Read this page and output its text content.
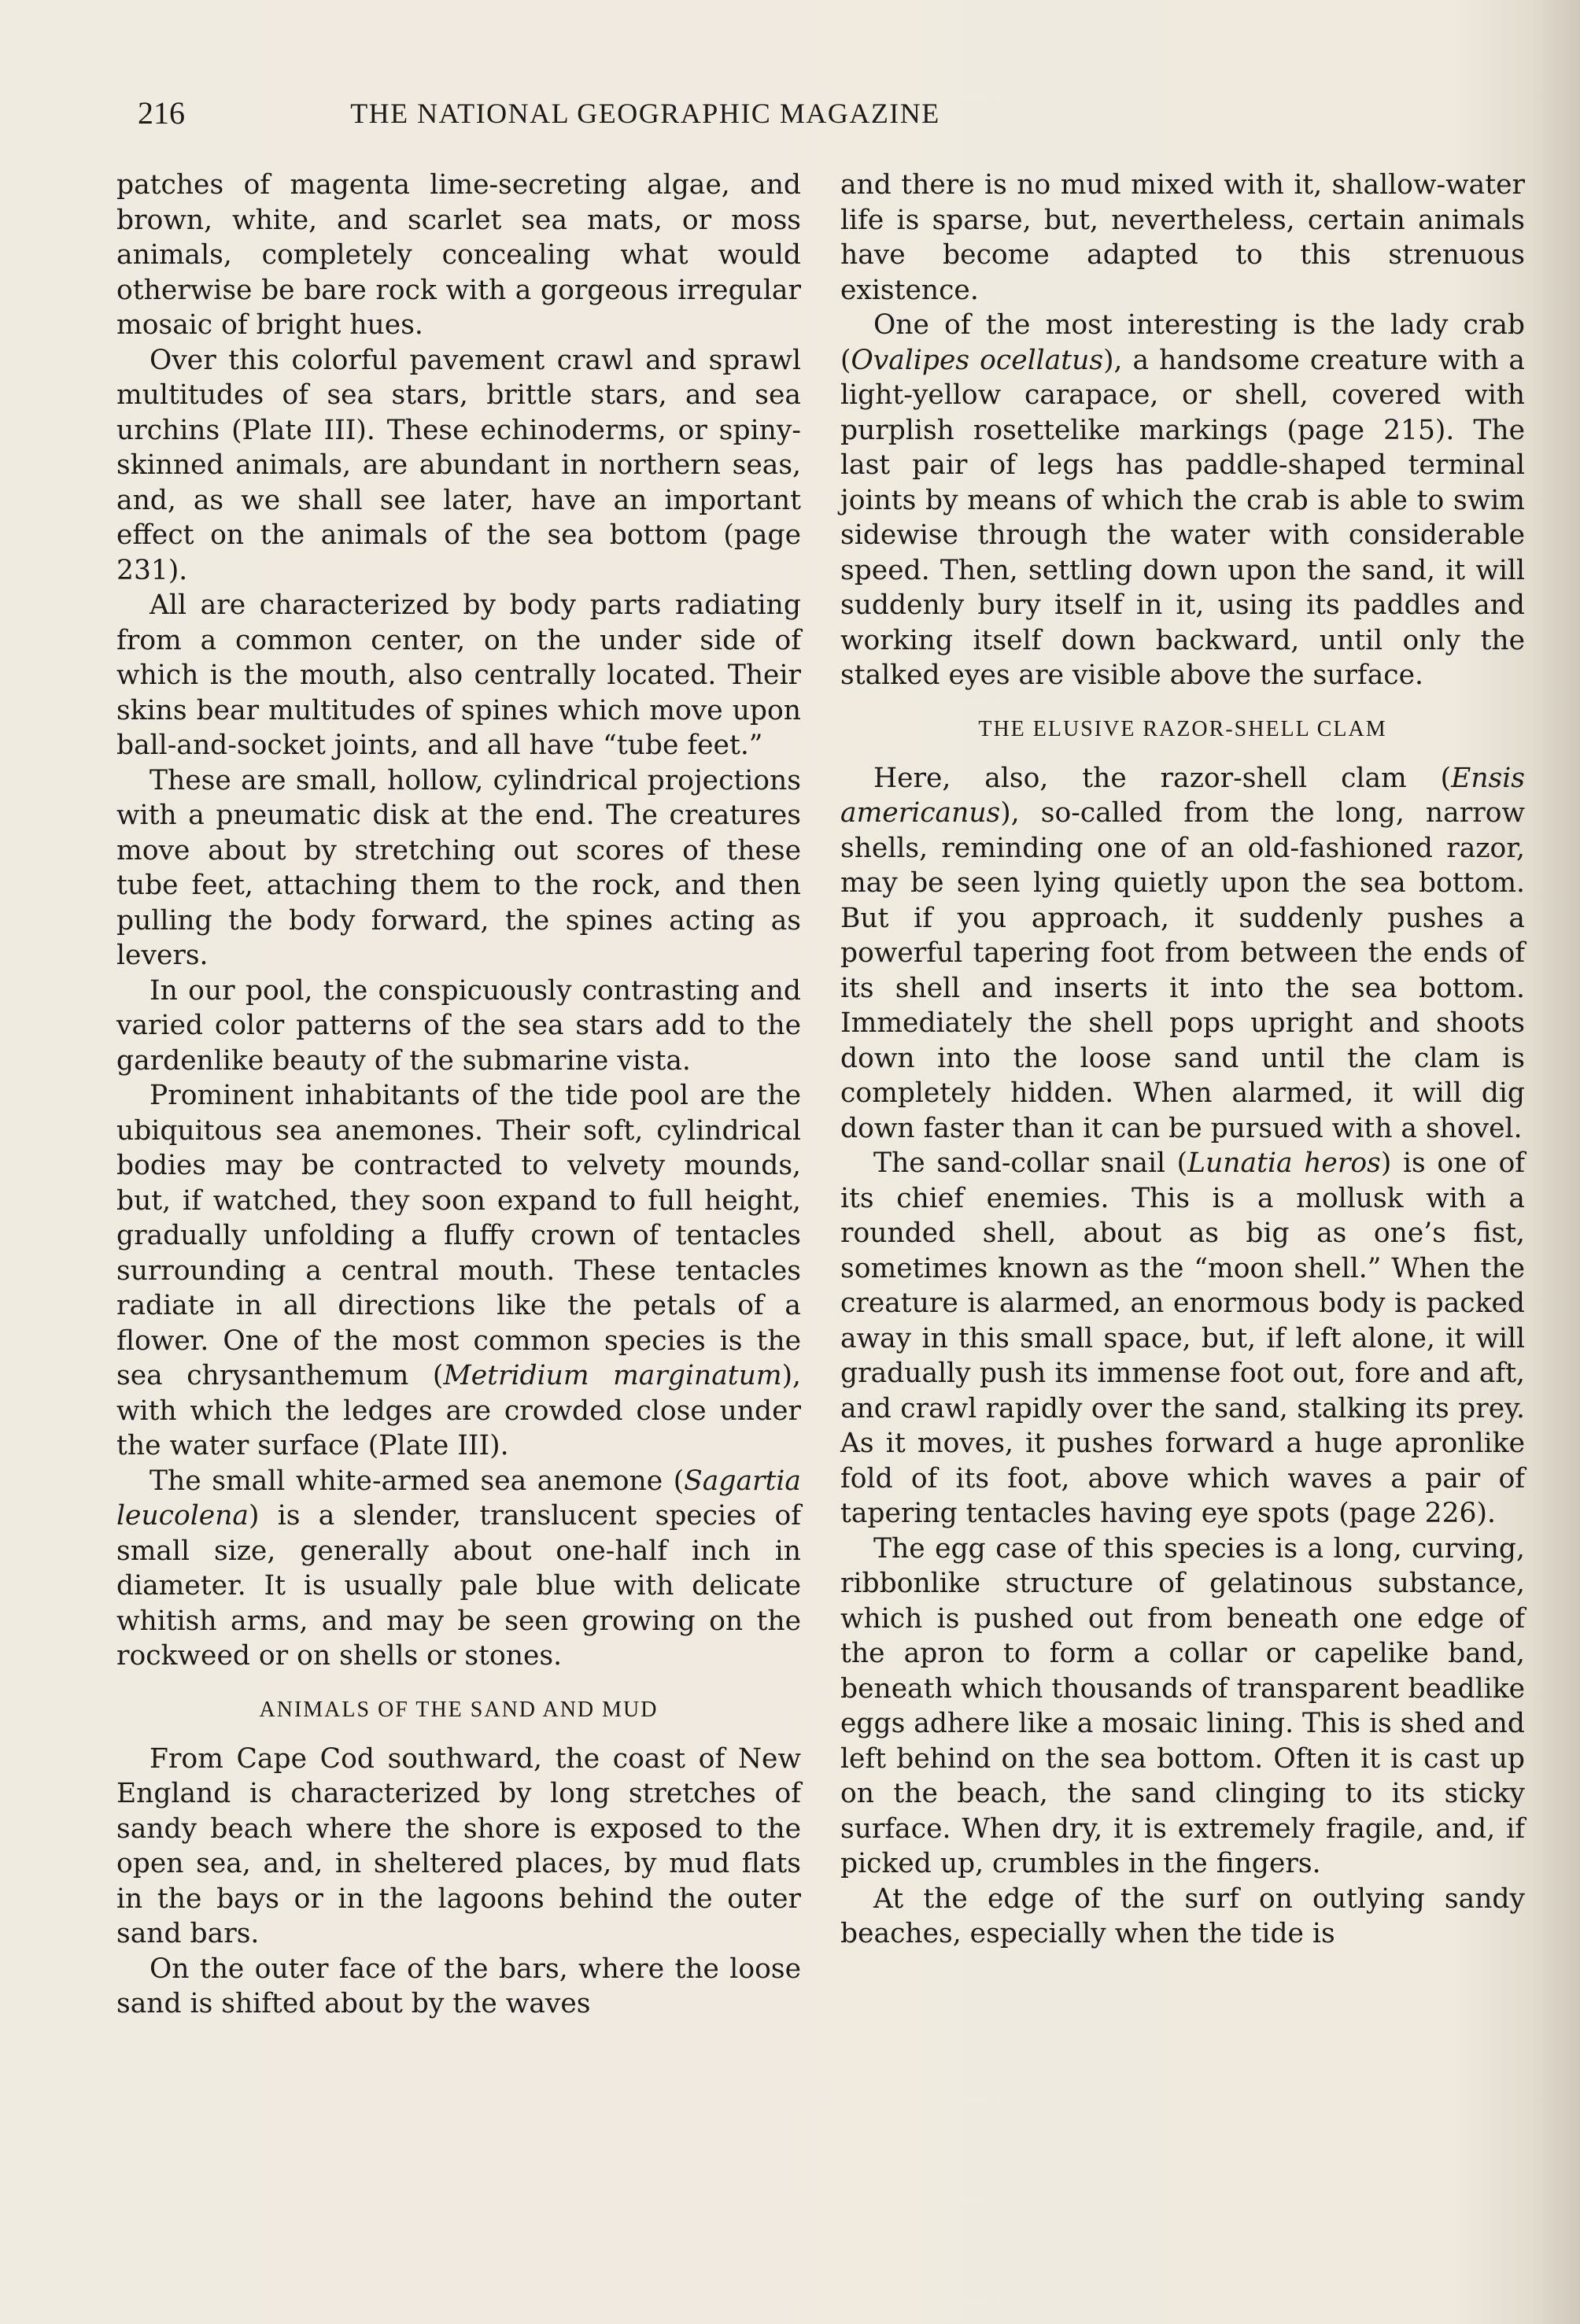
216	THE NATIONAL GEOGRAPHIC MAGAZINE

patches of magenta lime-secreting algae, and brown, white, and scarlet sea mats, or moss animals, completely concealing what would otherwise be bare rock with a gorgeous irregular mosaic of bright hues.

Over this colorful pavement crawl and sprawl multitudes of sea stars, brittle stars, and sea urchins (Plate III). These echinoderms, or spiny-skinned animals, are abundant in northern seas, and, as we shall see later, have an important effect on the animals of the sea bottom (page 231).

All are characterized by body parts radiating from a common center, on the under side of which is the mouth, also centrally located. Their skins bear multitudes of spines which move upon ball-and-socket joints, and all have “tube feet.”

These are small, hollow, cylindrical projections with a pneumatic disk at the end. The creatures move about by stretching out scores of these tube feet, attaching them to the rock, and then pulling the body forward, the spines acting as levers.

In our pool, the conspicuously contrasting and varied color patterns of the sea stars add to the gardenlike beauty of the submarine vista.

Prominent inhabitants of the tide pool are the ubiquitous sea anemones. Their soft, cylindrical bodies may be contracted to velvety mounds, but, if watched, they soon expand to full height, gradually unfolding a fluffy crown of tentacles surrounding a central mouth. These tentacles radiate in all directions like the petals of a flower. One of the most common species is the sea chrysanthemum (Metridium marginatum), with which the ledges are crowded close under the water surface (Plate III).

The small white-armed sea anemone (Sagartia leucolena) is a slender, translucent species of small size, generally about one-half inch in diameter. It is usually pale blue with delicate whitish arms, and may be seen growing on the rockweed or on shells or stones.

ANIMALS OF THE SAND AND MUD

From Cape Cod southward, the coast of New England is characterized by long stretches of sandy beach where the shore is exposed to the open sea, and, in sheltered places, by mud flats in the bays or in the lagoons behind the outer sand bars.

On the outer face of the bars, where the loose sand is shifted about by the waves

and there is no mud mixed with it, shallow-water life is sparse, but, nevertheless, certain animals have become adapted to this strenuous existence.

One of the most interesting is the lady crab (Ovalipes ocellatus), a handsome creature with a light-yellow carapace, or shell, covered with purplish rosettelike markings (page 215). The last pair of legs has paddle-shaped terminal joints by means of which the crab is able to swim sidewise through the water with considerable speed. Then, settling down upon the sand, it will suddenly bury itself in it, using its paddles and working itself down backward, until only the stalked eyes are visible above the surface.

THE ELUSIVE RAZOR-SHELL CLAM

Here, also, the razor-shell clam (Ensis americanus), so-called from the long, narrow shells, reminding one of an old-fashioned razor, may be seen lying quietly upon the sea bottom. But if you approach, it suddenly pushes a powerful tapering foot from between the ends of its shell and inserts it into the sea bottom. Immediately the shell pops upright and shoots down into the loose sand until the clam is completely hidden. When alarmed, it will dig down faster than it can be pursued with a shovel.

The sand-collar snail (Lunatia heros) is one of its chief enemies. This is a mollusk with a rounded shell, about as big as one’s fist, sometimes known as the “moon shell.” When the creature is alarmed, an enormous body is packed away in this small space, but, if left alone, it will gradually push its immense foot out, fore and aft, and crawl rapidly over the sand, stalking its prey. As it moves, it pushes forward a huge apronlike fold of its foot, above which waves a pair of tapering tentacles having eye spots (page 226).

The egg case of this species is a long, curving, ribbonlike structure of gelatinous substance, which is pushed out from beneath one edge of the apron to form a collar or capelike band, beneath which thousands of transparent beadlike eggs adhere like a mosaic lining. This is shed and left behind on the sea bottom. Often it is cast up on the beach, the sand clinging to its sticky surface. When dry, it is extremely fragile, and, if picked up, crumbles in the fingers.

At the edge of the surf on outlying sandy beaches, especially when the tide is
